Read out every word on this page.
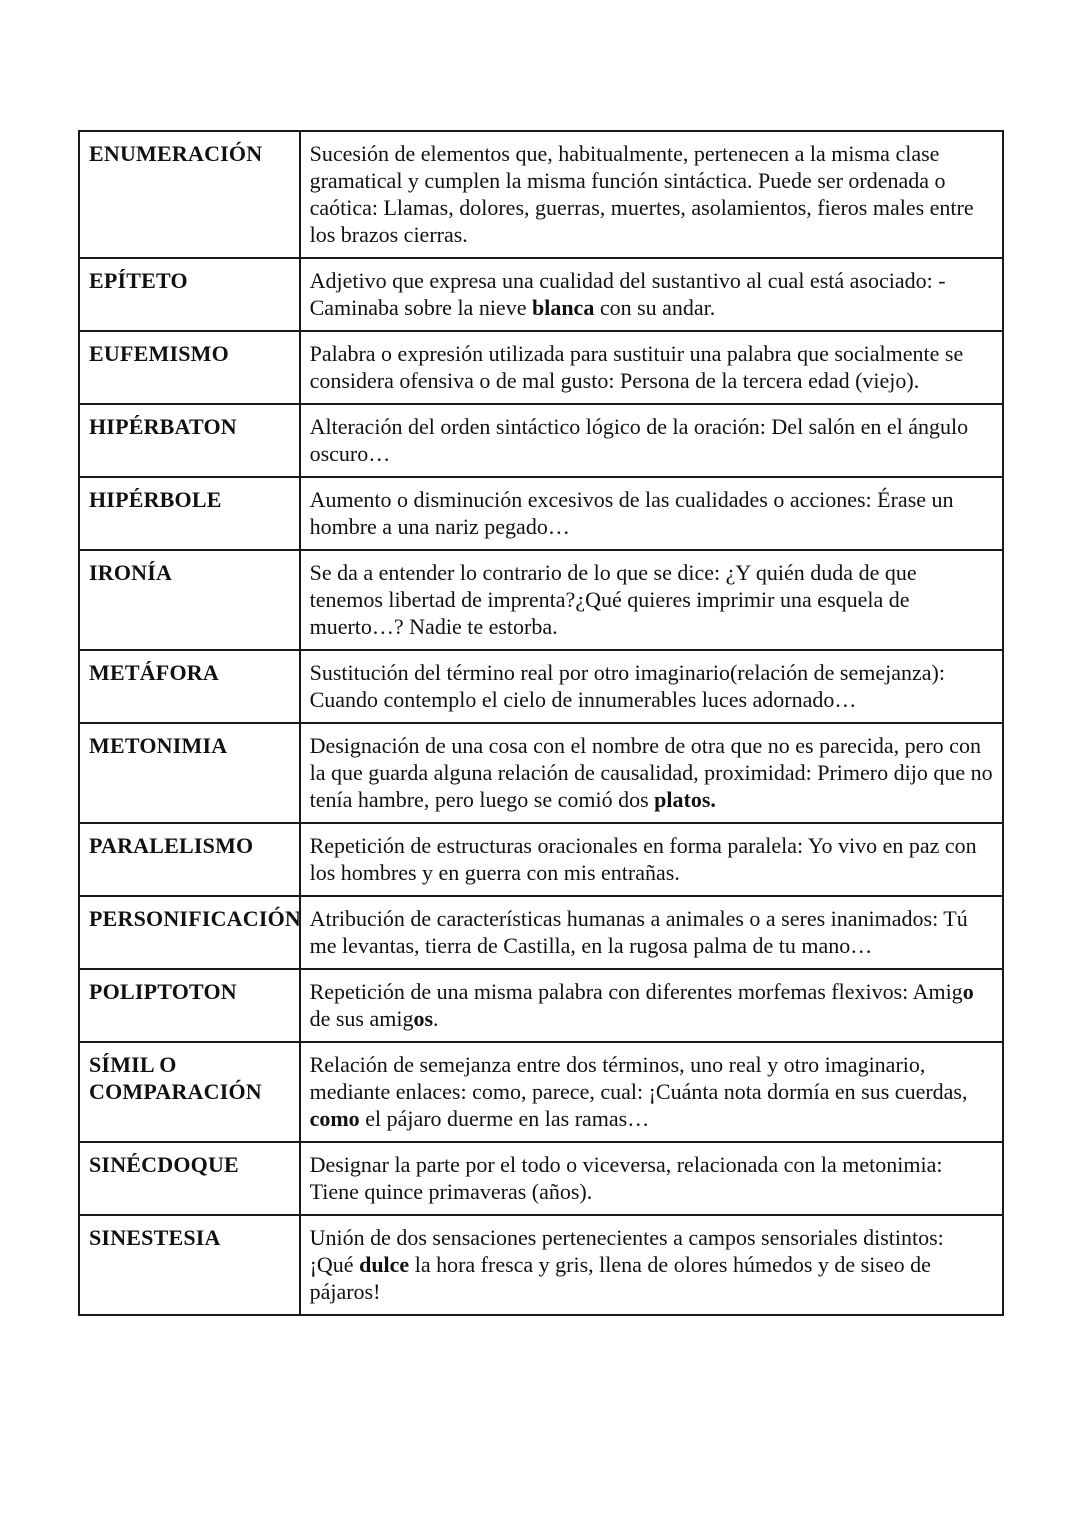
ENUMERACIÓN	Sucesión de elementos que, habitualmente, pertenecen a la misma clase gramatical y cumplen la misma función sintáctica. Puede ser ordenada o caótica: Llamas, dolores, guerras, muertes, asolamientos, fieros males entre los brazos cierras.
EPÍTETO	Adjetivo que expresa una cualidad del sustantivo al cual está asociado: -Caminaba sobre la nieve blanca con su andar.
EUFEMISMO	Palabra o expresión utilizada para sustituir una palabra que socialmente se considera ofensiva o de mal gusto: Persona de la tercera edad (viejo).
HIPÉRBATON	Alteración del orden sintáctico lógico de la oración: Del salón en el ángulo oscuro…
HIPÉRBOLE	Aumento o disminución excesivos de las cualidades o acciones: Érase un hombre a una nariz pegado…
IRONÍA	Se da a entender lo contrario de lo que se dice: ¿Y quién duda de que tenemos libertad de imprenta?¿Qué quieres imprimir una esquela de muerto…? Nadie te estorba.
METÁFORA	Sustitución del término real por otro imaginario(relación de semejanza): Cuando contemplo el cielo de innumerables luces adornado…
METONIMIA	Designación de una cosa con el nombre de otra que no es parecida, pero con la que guarda alguna relación de causalidad, proximidad: Primero dijo que no tenía hambre, pero luego se comió dos platos.
PARALELISMO	Repetición de estructuras oracionales en forma paralela: Yo vivo en paz con los hombres y en guerra con mis entrañas.
PERSONIFICACIÓN	Atribución de características humanas a animales o a seres inanimados: Tú me levantas, tierra de Castilla, en la rugosa palma de tu mano…
POLIPTOTON	Repetición de una misma palabra con diferentes morfemas flexivos: Amigo de sus amigos.
SÍMIL O COMPARACIÓN	Relación de semejanza entre dos términos, uno real y otro imaginario, mediante enlaces: como, parece, cual: ¡Cuánta nota dormía en sus cuerdas, como el pájaro duerme en las ramas…
SINÉCDOQUE	Designar la parte por el todo o viceversa, relacionada con la metonimia: Tiene quince primaveras (años).
SINESTESIA	Unión de dos sensaciones pertenecientes a campos sensoriales distintos: ¡Qué dulce la hora fresca y gris, llena de olores húmedos y de siseo de pájaros!
